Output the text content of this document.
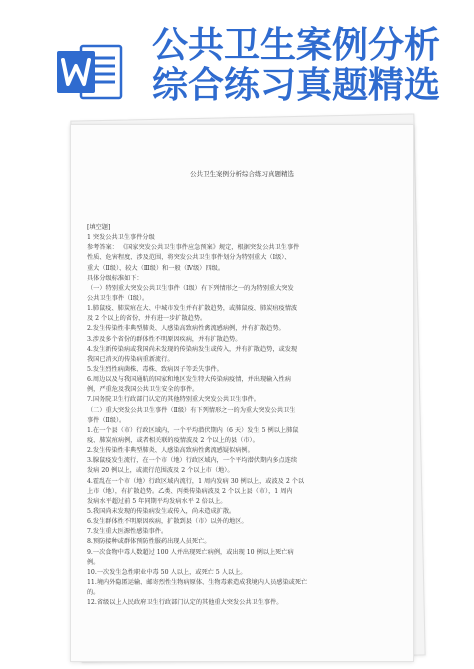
公共卫生案例分析
综合练习真题精选
公共卫生案例分析综合练习真题精选
[填空题]
1 突发公共卫生事件分级
参考答案： 《国家突发公共卫生事件应急预案》规定，根据突发公共卫生事件
性质、危害程度、涉及范围，将突发公共卫生事件划分为特别重大（Ⅰ级）、
重大（Ⅱ级）、较大（Ⅲ级）和一般（Ⅳ级）四级。
具体分级标准如下：
（一）特别重大突发公共卫生事件（Ⅰ级）有下列情形之一的为特别重大突发
公共卫生事件（Ⅰ级）。
1.肺鼠疫、肺炭疽在大、中城市发生并有扩散趋势，或肺鼠疫、肺炭疽疫情波
及 2 个以上的省份，并有进一步扩散趋势。
2.发生传染性非典型肺炎、人感染高致病性禽流感病例，并有扩散趋势。
3.涉及多个省份的群体性不明原因疾病，并有扩散趋势。
4.发生新传染病或我国尚未发现的传染病发生或传入，并有扩散趋势，或发现
我国已消灭的传染病重新流行。
5.发生烈性病菌株、毒株、致病因子等丢失事件。
6.周边以及与我国通航的国家和地区发生特大传染病疫情，并出现输入性病
例，严重危及我国公共卫生安全的事件。
7.国务院卫生行政部门认定的其他特别重大突发公共卫生事件。
（二）重大突发公共卫生事件（Ⅱ级）有下列情形之一的为重大突发公共卫生
事件（Ⅱ级）。
1.在一个县（市）行政区域内，一个平均潜伏期内（6 天）发生 5 例以上肺鼠
疫、肺炭疽病例，或者相关联的疫情波及 2 个以上的县（市）。
2.发生传染性非典型肺炎、人感染高致病性禽流感疑似病例。
3.腺鼠疫发生流行，在一个市（地）行政区域内，一个平均潜伏期内多点连续
发病 20 例以上，或流行范围波及 2 个以上市（地）。
4.霍乱在一个市（地）行政区域内流行，1 周内发病 30 例以上，或波及 2 个以
上市（地），有扩散趋势。乙类、丙类传染病波及 2 个以上县（市），1 周内
发病水平超过前 5 年同期平均发病水平 2 倍以上。
5.我国尚未发现的传染病发生或传入，尚未造成扩散。
6.发生群体性不明原因疾病，扩散到县（市）以外的地区。
7.发生重大医源性感染事件。
8.预防接种或群体预防性服药出现人员死亡。
9.一次食物中毒人数超过 100 人并出现死亡病例，或出现 10 例以上死亡病
例。
10.一次发生急性职业中毒 50 人以上，或死亡 5 人以上。
11.境内外隐匿运输、邮寄烈性生物病原体、生物毒素造成我境内人员感染或死亡
的。
12.省级以上人民政府卫生行政部门认定的其他重大突发公共卫生事件。
